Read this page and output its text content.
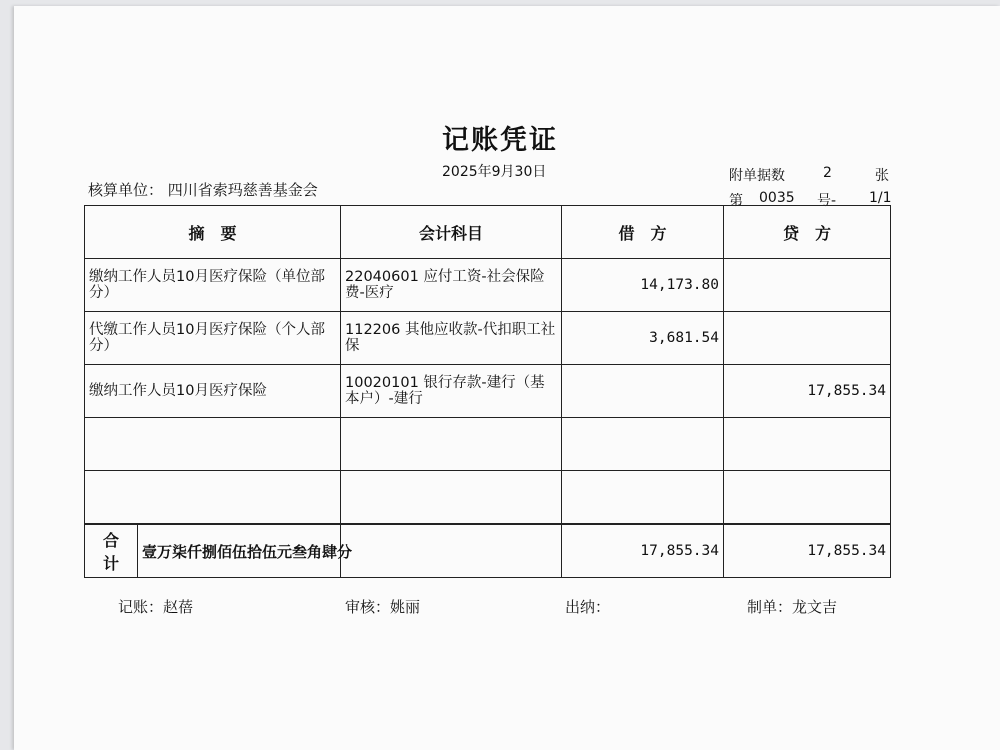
记账凭证
2025年9月30日
核算单位： 四川省索玛慈善基金会
附单据数	2	张
第 0035 号- 1/1
摘　要	会计科目	借　方	贷　方
缴纳工作人员10月医疗保险（单位部分）	22040601 应付工资-社会保险费-医疗	14,173.80	
代缴工作人员10月医疗保险（个人部分）	112206 其他应收款-代扣职工社保	3,681.54	
缴纳工作人员10月医疗保险	10020101 银行存款-建行（基本户）-建行		17,855.34

合计
壹万柒仟捌佰伍拾伍元叁角肆分		17,855.34	17,855.34
记账：赵蓓	审核：姚丽	出纳：	制单：龙文吉
